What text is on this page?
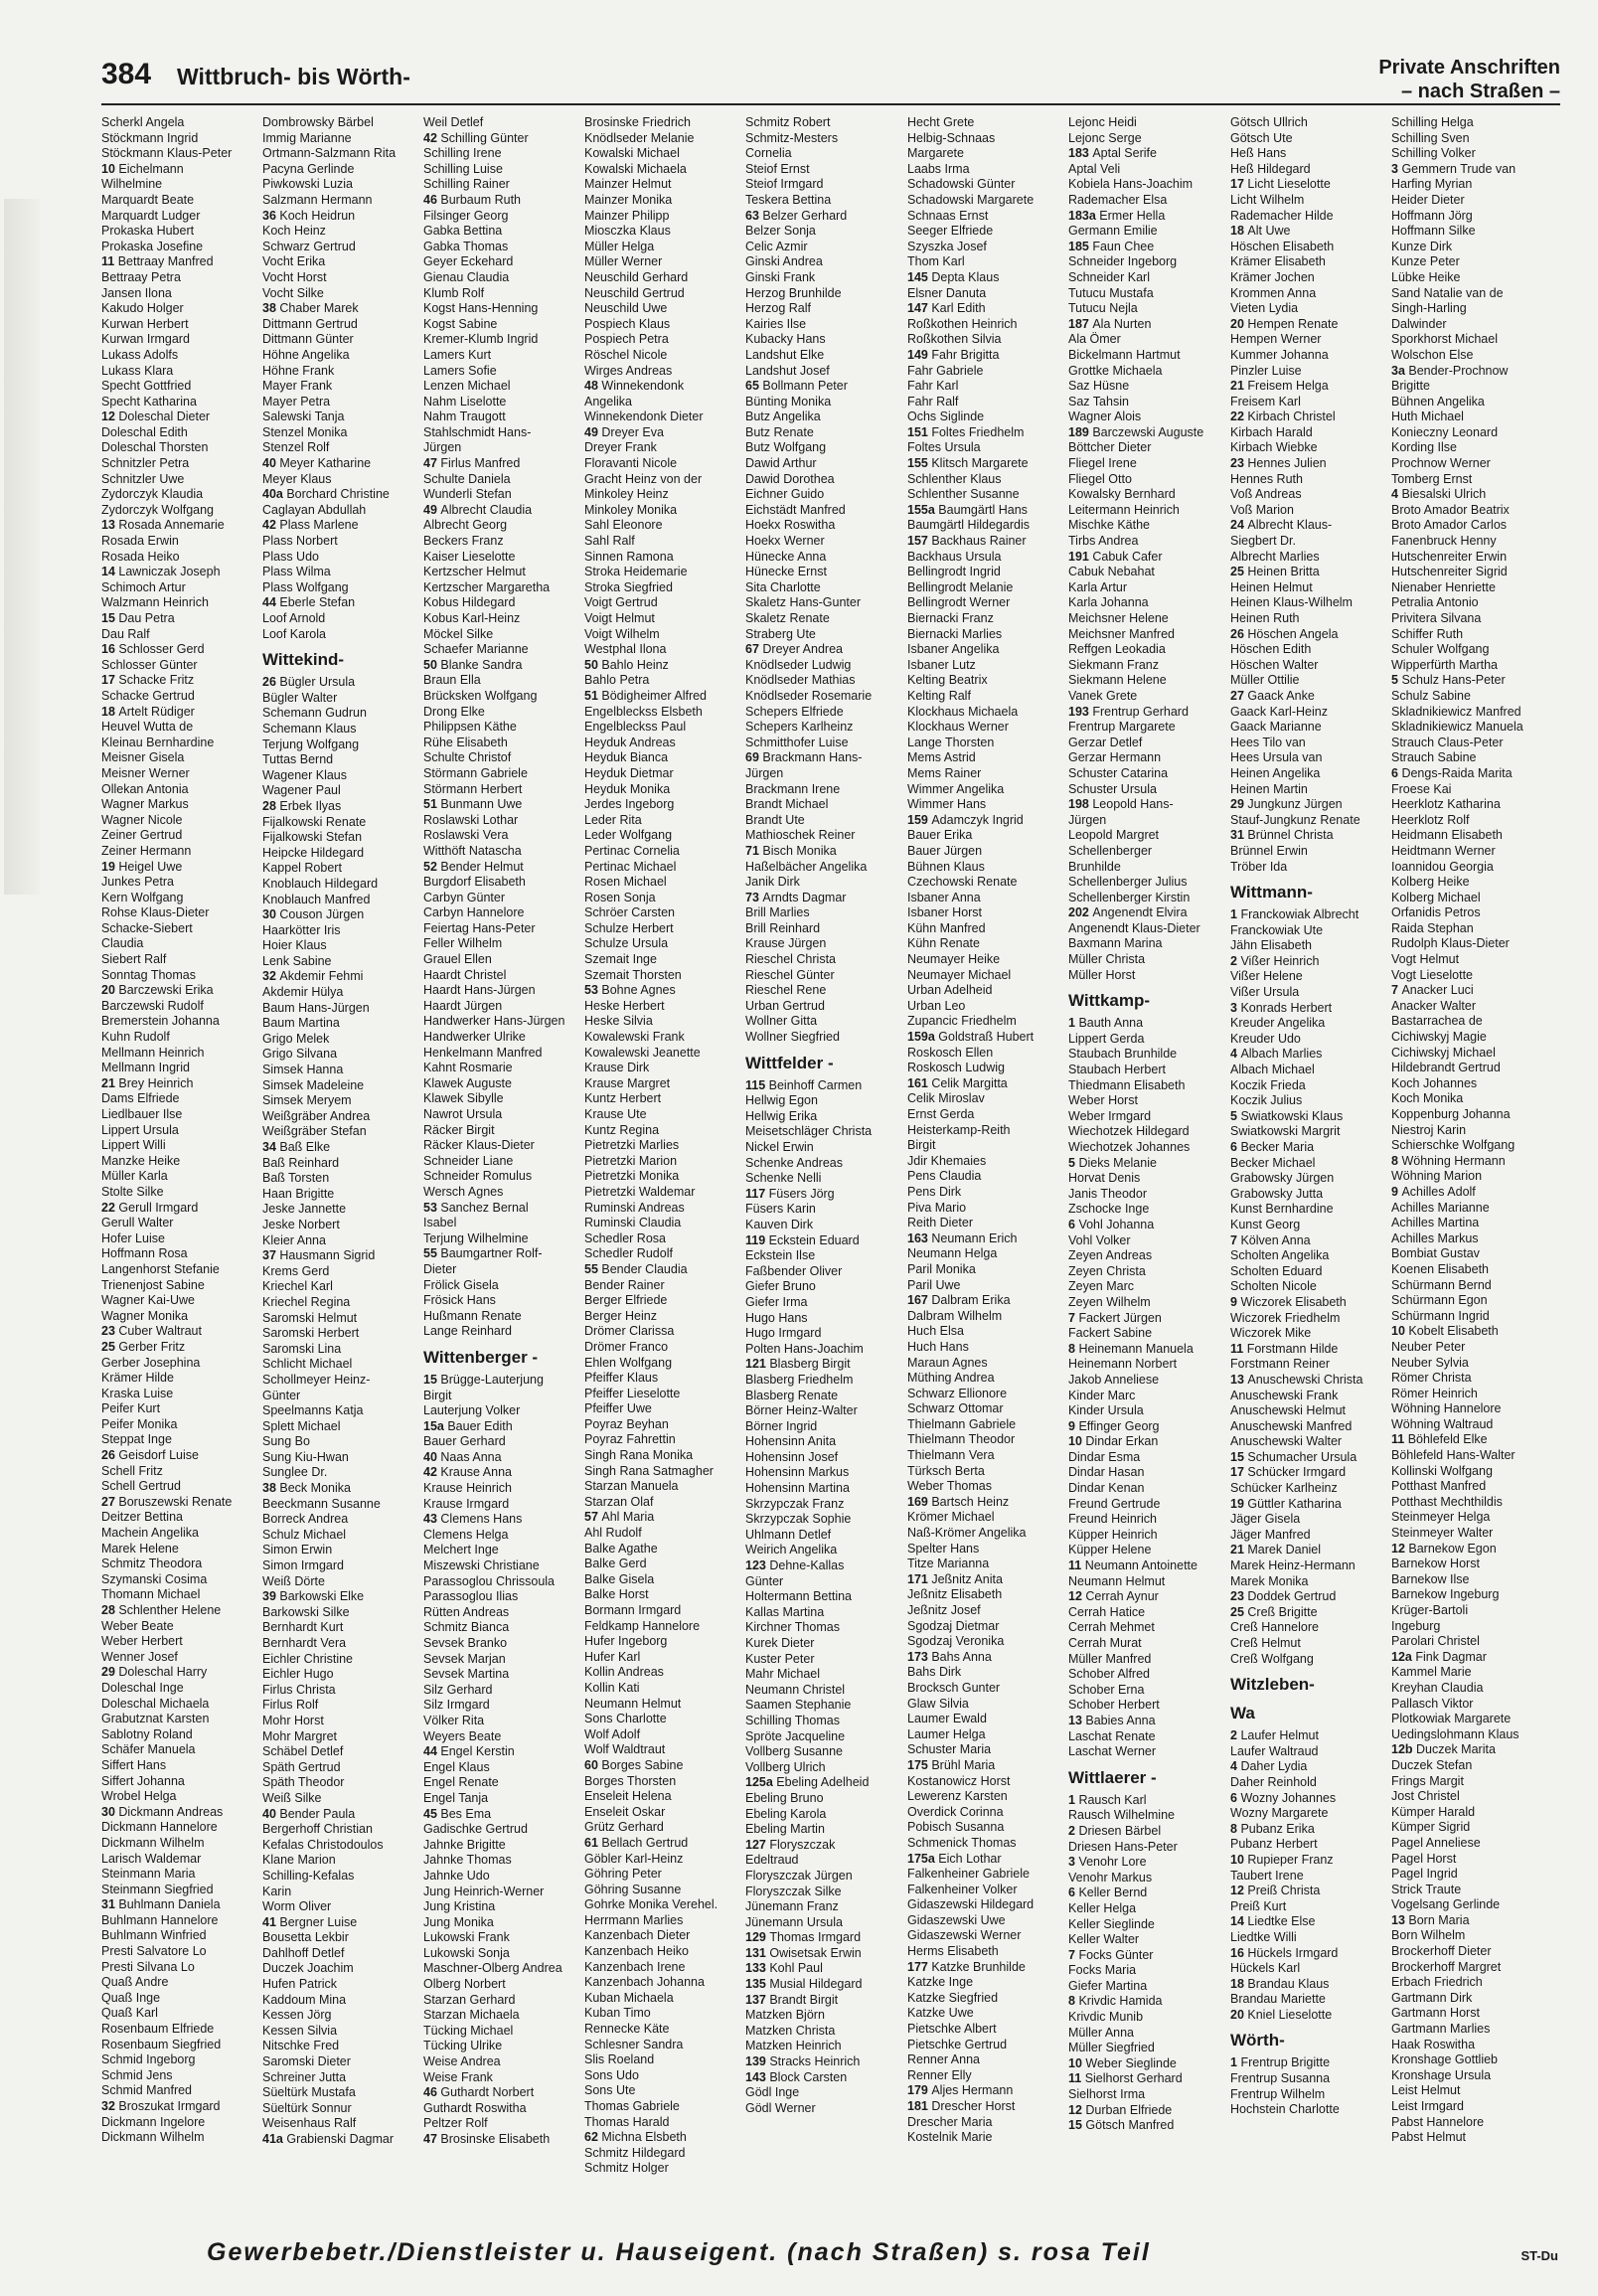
384 Wittbruch- bis Wörth-	Private Anschriften
– nach Straßen –
Scherkl Angela
Stöckmann Ingrid
Stöckmann Klaus-Peter
10 Eichelmann
Wilhelmine
Marquardt Beate
Marquardt Ludger
Prokaska Hubert
Prokaska Josefine
11 Bettraay Manfred
Bettraay Petra
Jansen Ilona
Kakudo Holger
Kurwan Herbert
Kurwan Irmgard
Lukass Adolfs
Lukass Klara
Specht Gottfried
Specht Katharina
12 Doleschal Dieter
Doleschal Edith
Doleschal Thorsten
Schnitzler Petra
Schnitzler Uwe
Zydorczyk Klaudia
Zydorczyk Wolfgang
13 Rosada Annemarie
Rosada Erwin
Rosada Heiko
14 Lawniczak Joseph
Schimoch Artur
Walzmann Heinrich
15 Dau Petra
Dau Ralf
16 Schlosser Gerd
Schlosser Günter
17 Schacke Fritz
Schacke Gertrud
18 Artelt Rüdiger
Heuvel Wutta de
Kleinau Bernhardine
Meisner Gisela
Meisner Werner
Ollekan Antonia
Wagner Markus
Wagner Nicole
Zeiner Gertrud
Zeiner Hermann
19 Heigel Uwe
Junkes Petra
Kern Wolfgang
Rohse Klaus-Dieter
Schacke-Siebert
Claudia
Siebert Ralf
Sonntag Thomas
20 Barczewski Erika
Barczewski Rudolf
Bremerstein Johanna
Kuhn Rudolf
Mellmann Heinrich
Mellmann Ingrid
21 Brey Heinrich
Dams Elfriede
Liedlbauer Ilse
Lippert Ursula
Lippert Willi
Manzke Heike
Müller Karla
Stolte Silke
22 Gerull Irmgard
Gerull Walter
Hofer Luise
Hoffmann Rosa
Langenhorst Stefanie
Trienenjost Sabine
Wagner Kai-Uwe
Wagner Monika
23 Cuber Waltraut
25 Gerber Fritz
Gerber Josephina
Krämer Hilde
Kraska Luise
Peifer Kurt
Peifer Monika
Steppat Inge
26 Geisdorf Luise
Schell Fritz
Schell Gertrud
27 Boruszewski Renate
Deitzer Bettina
Machein Angelika
Marek Helene
Schmitz Theodora
Szymanski Cosima
Thomann Michael
28 Schlenther Helene
Weber Beate
Weber Herbert
Wenner Josef
29 Doleschal Harry
Doleschal Inge
Doleschal Michaela
Grabutznat Karsten
Sablotny Roland
Schäfer Manuela
Siffert Hans
Siffert Johanna
Wrobel Helga
30 Dickmann Andreas
Dickmann Hannelore
Dickmann Wilhelm
Larisch Waldemar
Steinmann Maria
Steinmann Siegfried
31 Buhlmann Daniela
Buhlmann Hannelore
Buhlmann Winfried
Presti Salvatore Lo
Presti Silvana Lo
Quaß Andre
Quaß Inge
Quaß Karl
Rosenbaum Elfriede
Rosenbaum Siegfried
Schmid Ingeborg
Schmid Jens
Schmid Manfred
32 Broszukat Irmgard
Dickmann Ingelore
Dickmann Wilhelm
Dombrowsky Bärbel
Immig Marianne
Ortmann-Salzmann Rita
Pacyna Gerlinde
Piwkowski Luzia
Salzmann Hermann
36 Koch Heidrun
Koch Heinz
Schwarz Gertrud
Vocht Erika
Vocht Horst
Vocht Silke
38 Chaber Marek
Dittmann Gertrud
Dittmann Günter
Höhne Angelika
Höhne Frank
Mayer Frank
Mayer Petra
Salewski Tanja
Stenzel Monika
Stenzel Rolf
40 Meyer Katharine
Meyer Klaus
40a Borchard Christine
Caglayan Abdullah
42 Plass Marlene
Plass Norbert
Plass Udo
Plass Wilma
Plass Wolfgang
44 Eberle Stefan
Loof Arnold
Loof Karola
Wittekind-
26 Bügler Ursula
Bügler Walter
Schemann Gudrun
Schemann Klaus
Terjung Wolfgang
Tuttas Bernd
Wagener Klaus
Wagener Paul
28 Erbek Ilyas
Fijalkowski Renate
Fijalkowski Stefan
Heipcke Hildegard
Kappel Robert
Knoblauch Hildegard
Knoblauch Manfred
30 Couson Jürgen
Haarkötter Iris
Hoier Klaus
Lenk Sabine
32 Akdemir Fehmi
Akdemir Hülya
Baum Hans-Jürgen
Baum Martina
Grigo Melek
Grigo Silvana
Simsek Hanna
Simsek Madeleine
Simsek Meryem
Weißgräber Andrea
Weißgräber Stefan
34 Baß Elke
Baß Reinhard
Baß Torsten
Haan Brigitte
Jeske Jannette
Jeske Norbert
Kleier Anna
37 Hausmann Sigrid
Krems Gerd
Kriechel Karl
Kriechel Regina
Saromski Helmut
Saromski Herbert
Saromski Lina
Schlicht Michael
Schollmeyer Heinz-
Günter
Speelmanns Katja
Splett Michael
Sung Bo
Sung Kiu-Hwan
Sunglee Dr.
38 Beck Monika
Beeckmann Susanne
Borreck Andrea
Schulz Michael
Simon Erwin
Simon Irmgard
Weiß Dörte
39 Barkowski Elke
Barkowski Silke
Bernhardt Kurt
Bernhardt Vera
Eichler Christine
Eichler Hugo
Firlus Christa
Firlus Rolf
Mohr Horst
Mohr Margret
Schäbel Detlef
Späth Gertrud
Späth Theodor
Weiß Silke
40 Bender Paula
Bergerhoff Christian
Kefalas Christodoulos
Klane Marion
Schilling-Kefalas
Karin
Worm Oliver
41 Bergner Luise
Bousetta Lekbir
Dahlhoff Detlef
Duczek Joachim
Hufen Patrick
Kaddoum Mina
Kessen Jörg
Kessen Silvia
Nitschke Fred
Saromski Dieter
Schreiner Jutta
Süeltürk Mustafa
Süeltürk Sonnur
Weisenhaus Ralf
41a Grabienski Dagmar
Weil Detlef
42 Schilling Günter
Schilling Irene
Schilling Luise
Schilling Rainer
46 Burbaum Ruth
Filsinger Georg
Gabka Bettina
Gabka Thomas
Geyer Eckehard
Gienau Claudia
Klumb Rolf
Kogst Hans-Henning
Kogst Sabine
Kremer-Klumb Ingrid
Lamers Kurt
Lamers Sofie
Lenzen Michael
Nahm Liselotte
Nahm Traugott
Stahlschmidt Hans-
Jürgen
47 Firlus Manfred
Schulte Daniela
Wunderli Stefan
49 Albrecht Claudia
Albrecht Georg
Beckers Franz
Kaiser Lieselotte
Kertzscher Helmut
Kertzscher Margaretha
Kobus Hildegard
Kobus Karl-Heinz
Möckel Silke
Schaefer Marianne
50 Blanke Sandra
Braun Ella
Brücksken Wolfgang
Drong Elke
Philippsen Käthe
Rühe Elisabeth
Schulte Christof
Störmann Gabriele
Störmann Herbert
51 Bunmann Uwe
Roslawski Lothar
Roslawski Vera
Witthöft Natascha
52 Bender Helmut
Burgdorf Elisabeth
Carbyn Günter
Carbyn Hannelore
Feiertag Hans-Peter
Feller Wilhelm
Grauel Ellen
Haardt Christel
Haardt Hans-Jürgen
Haardt Jürgen
Handwerker Hans-Jürgen
Handwerker Ulrike
Henkelmann Manfred
Kahnt Rosmarie
Klawek Auguste
Klawek Sibylle
Nawrot Ursula
Räcker Birgit
Räcker Klaus-Dieter
Schneider Liane
Schneider Romulus
Wersch Agnes
53 Sanchez Bernal
Isabel
Terjung Wilhelmine
55 Baumgartner Rolf-
Dieter
Frölick Gisela
Frösick Hans
Hußmann Renate
Lange Reinhard
Wittenberger -
15 Brügge-Lauterjung
Birgit
Lauterjung Volker
15a Bauer Edith
Bauer Gerhard
40 Naas Anna
42 Krause Anna
Krause Heinrich
Krause Irmgard
43 Clemens Hans
Clemens Helga
Melchert Inge
Miszewski Christiane
Parassoglou Chrissoula
Parassoglou Ilias
Rütten Andreas
Schmitz Bianca
Sevsek Branko
Sevsek Marjan
Sevsek Martina
Silz Gerhard
Silz Irmgard
Völker Rita
Weyers Beate
44 Engel Kerstin
Engel Klaus
Engel Renate
Engel Tanja
45 Bes Ema
Gadischke Gertrud
Jahnke Brigitte
Jahnke Thomas
Jahnke Udo
Jung Heinrich-Werner
Jung Kristina
Jung Monika
Lukowski Frank
Lukowski Sonja
Maschner-Olberg Andrea
Olberg Norbert
Starzan Gerhard
Starzan Michaela
Tücking Michael
Tücking Ulrike
Weise Andrea
Weise Frank
46 Guthardt Norbert
Guthardt Roswitha
Peltzer Rolf
47 Brosinske Elisabeth
Brosinske Friedrich
Knödlseder Melanie
Kowalski Michael
Kowalski Michaela
Mainzer Helmut
Mainzer Monika
Mainzer Philipp
Miosczka Klaus
Müller Helga
Müller Werner
Neuschild Gerhard
Neuschild Gertrud
Neuschild Uwe
Pospiech Klaus
Pospiech Petra
Röschel Nicole
Wirges Andreas
48 Winnekendonk
Angelika
Winnekendonk Dieter
49 Dreyer Eva
Dreyer Frank
Floravanti Nicole
Gracht Heinz von der
Minkoley Heinz
Minkoley Monika
Sahl Eleonore
Sahl Ralf
Sinnen Ramona
Stroka Heidemarie
Stroka Siegfried
Voigt Gertrud
Voigt Helmut
Voigt Wilhelm
Westphal Ilona
50 Bahlo Heinz
Bahlo Petra
51 Bödigheimer Alfred
Engelbleckss Elsbeth
Engelbleckss Paul
Heyduk Andreas
Heyduk Bianca
Heyduk Dietmar
Heyduk Monika
Jerdes Ingeborg
Leder Rita
Leder Wolfgang
Pertinac Cornelia
Pertinac Michael
Rosen Michael
Rosen Sonja
Schröer Carsten
Schulze Herbert
Schulze Ursula
Szemait Inge
Szemait Thorsten
53 Bohne Agnes
Heske Herbert
Heske Silvia
Kowalewski Frank
Kowalewski Jeanette
Krause Dirk
Krause Margret
Kuntz Herbert
Krause Ute
Kuntz Regina
Pietretzki Marlies
Pietretzki Marion
Pietretzki Monika
Pietretzki Waldemar
Ruminski Andreas
Ruminski Claudia
Schedler Rosa
Schedler Rudolf
55 Bender Claudia
Bender Rainer
Berger Elfriede
Berger Heinz
Drömer Clarissa
Drömer Franco
Ehlen Wolfgang
Pfeiffer Klaus
Pfeiffer Lieselotte
Pfeiffer Uwe
Poyraz Beyhan
Poyraz Fahrettin
Singh Rana Monika
Singh Rana Satmagher
Starzan Manuela
Starzan Olaf
57 Ahl Maria
Ahl Rudolf
Balke Agathe
Balke Gerd
Balke Gisela
Balke Horst
Bormann Irmgard
Feldkamp Hannelore
Hufer Ingeborg
Hufer Karl
Kollin Andreas
Kollin Kati
Neumann Helmut
Sons Charlotte
Wolf Adolf
Wolf Waldtraut
60 Borges Sabine
Borges Thorsten
Enseleit Helena
Enseleit Oskar
Grütz Gerhard
61 Bellach Gertrud
Göbler Karl-Heinz
Göhring Peter
Göhring Susanne
Gohrke Monika Verehel.
Herrmann Marlies
Kanzenbach Dieter
Kanzenbach Heiko
Kanzenbach Irene
Kanzenbach Johanna
Kuban Michaela
Kuban Timo
Rennecke Käte
Schlesner Sandra
Slis Roeland
Sons Udo
Sons Ute
Thomas Gabriele
Thomas Harald
62 Michna Elsbeth
Schmitz Hildegard
Schmitz Holger
Schmitz Robert
Schmitz-Mesters
Cornelia
Steiof Ernst
Steiof Irmgard
Teskera Bettina
63 Belzer Gerhard
Belzer Sonja
Celic Azmir
Ginski Andrea
Ginski Frank
Herzog Brunhilde
Herzog Ralf
Kairies Ilse
Kubacky Hans
Landshut Elke
Landshut Josef
65 Bollmann Peter
Bünting Monika
Butz Angelika
Butz Renate
Butz Wolfgang
Dawid Arthur
Dawid Dorothea
Eichner Guido
Eichstädt Manfred
Hoekx Roswitha
Hoekx Werner
Hünecke Anna
Hünecke Ernst
Sita Charlotte
Skaletz Hans-Gunter
Skaletz Renate
Straberg Ute
67 Dreyer Andrea
Knödlseder Ludwig
Knödlseder Mathias
Knödlseder Rosemarie
Schepers Elfriede
Schepers Karlheinz
Schmitthofer Luise
69 Brackmann Hans-
Jürgen
Brackmann Irene
Brandt Michael
Brandt Ute
Mathioschek Reiner
71 Bisch Monika
Haßelbächer Angelika
Janik Dirk
73 Arndts Dagmar
Brill Marlies
Brill Reinhard
Krause Jürgen
Rieschel Christa
Rieschel Günter
Rieschel Rene
Urban Gertrud
Wollner Gitta
Wollner Siegfried
Wittfelder -
115 Beinhoff Carmen
Hellwig Egon
Hellwig Erika
Meisetschläger Christa
Nickel Erwin
Schenke Andreas
Schenke Nelli
117 Füsers Jörg
Füsers Karin
Kauven Dirk
119 Eckstein Eduard
Eckstein Ilse
Faßbender Oliver
Giefer Bruno
Giefer Irma
Hugo Hans
Hugo Irmgard
Polten Hans-Joachim
121 Blasberg Birgit
Blasberg Friedhelm
Blasberg Renate
Börner Heinz-Walter
Börner Ingrid
Hohensinn Anita
Hohensinn Josef
Hohensinn Markus
Hohensinn Martina
Skrzypczak Franz
Skrzypczak Sophie
Uhlmann Detlef
Weirich Angelika
123 Dehne-Kallas
Günter
Holtermann Bettina
Kallas Martina
Kirchner Thomas
Kurek Dieter
Kuster Peter
Mahr Michael
Neumann Christel
Saamen Stephanie
Schilling Thomas
Spröte Jacqueline
Vollberg Susanne
Vollberg Ulrich
125a Ebeling Adelheid
Ebeling Bruno
Ebeling Karola
Ebeling Martin
127 Floryszczak
Edeltraud
Floryszczak Jürgen
Floryszczak Silke
Jünemann Franz
Jünemann Ursula
129 Thomas Irmgard
131 Owisetsak Erwin
133 Kohl Paul
135 Musial Hildegard
137 Brandt Birgit
Matzken Björn
Matzken Christa
Matzken Heinrich
139 Stracks Heinrich
143 Block Carsten
Gödl Inge
Gödl Werner
Hecht Grete
Helbig-Schnaas
Margarete
Laabs Irma
Schadowski Günter
Schadowski Margarete
Schnaas Ernst
Seeger Elfriede
Szyszka Josef
Thom Karl
145 Depta Klaus
Elsner Danuta
147 Karl Edith
Roßkothen Heinrich
Roßkothen Silvia
149 Fahr Brigitta
Fahr Gabriele
Fahr Karl
Fahr Ralf
Ochs Siglinde
151 Foltes Friedhelm
Foltes Ursula
155 Klitsch Margarete
Schlenther Klaus
Schlenther Susanne
155a Baumgärtl Hans
Baumgärtl Hildegardis
157 Backhaus Rainer
Backhaus Ursula
Bellingrodt Ingrid
Bellingrodt Melanie
Bellingrodt Werner
Biernacki Franz
Biernacki Marlies
Isbaner Angelika
Isbaner Lutz
Kelting Beatrix
Kelting Ralf
Klockhaus Michaela
Klockhaus Werner
Lange Thorsten
Mems Astrid
Mems Rainer
Wimmer Angelika
Wimmer Hans
159 Adamczyk Ingrid
Bauer Erika
Bauer Jürgen
Bühnen Klaus
Czechowski Renate
Isbaner Anna
Isbaner Horst
Kühn Manfred
Kühn Renate
Neumayer Heike
Neumayer Michael
Urban Adelheid
Urban Leo
Zupancic Friedhelm
159a Goldstraß Hubert
Roskosch Ellen
Roskosch Ludwig
161 Celik Margitta
Celik Miroslav
Ernst Gerda
Heisterkamp-Reith
Birgit
Jdir Khemaies
Pens Claudia
Pens Dirk
Piva Mario
Reith Dieter
163 Neumann Erich
Neumann Helga
Paril Monika
Paril Uwe
167 Dalbram Erika
Dalbram Wilhelm
Huch Elsa
Huch Hans
Maraun Agnes
Müthing Andrea
Schwarz Ellionore
Schwarz Ottomar
Thielmann Gabriele
Thielmann Theodor
Thielmann Vera
Türksch Berta
Weber Thomas
169 Bartsch Heinz
Krömer Michael
Naß-Krömer Angelika
Spelter Hans
Titze Marianna
171 Jeßnitz Anita
Jeßnitz Elisabeth
Jeßnitz Josef
Sgodzaj Dietmar
Sgodzaj Veronika
173 Bahs Anna
Bahs Dirk
Brocksch Gunter
Glaw Silvia
Laumer Ewald
Laumer Helga
Schuster Maria
175 Brühl Maria
Kostanowicz Horst
Lewerenz Karsten
Overdick Corinna
Pobisch Susanna
Schmenick Thomas
175a Eich Lothar
Falkenheiner Gabriele
Falkenheiner Volker
Gidaszewski Hildegard
Gidaszewski Uwe
Gidaszewski Werner
Herms Elisabeth
177 Katzke Brunhilde
Katzke Inge
Katzke Siegfried
Katzke Uwe
Pietschke Albert
Pietschke Gertrud
Renner Anna
Renner Elly
179 Aljes Hermann
181 Drescher Horst
Drescher Maria
Kostelnik Marie
Lejonc Heidi
Lejonc Serge
183 Aptal Serife
Aptal Veli
Kobiela Hans-Joachim
Rademacher Elsa
183a Ermer Hella
Germann Emilie
185 Faun Chee
Schneider Ingeborg
Schneider Karl
Tutucu Mustafa
Tutucu Nejla
187 Ala Nurten
Ala Ömer
Bickelmann Hartmut
Grottke Michaela
Saz Hüsne
Saz Tahsin
Wagner Alois
189 Barczewski Auguste
Böttcher Dieter
Fliegel Irene
Fliegel Otto
Kowalsky Bernhard
Leitermann Heinrich
Mischke Käthe
Tirbs Andrea
191 Cabuk Cafer
Cabuk Nebahat
Karla Artur
Karla Johanna
Meichsner Helene
Meichsner Manfred
Reffgen Leokadia
Siekmann Franz
Siekmann Helene
Vanek Grete
193 Frentrup Gerhard
Frentrup Margarete
Gerzar Detlef
Gerzar Hermann
Schuster Catarina
Schuster Ursula
198 Leopold Hans-
Jürgen
Leopold Margret
Schellenberger
Brunhilde
Schellenberger Julius
Schellenberger Kirstin
202 Angenendt Elvira
Angenendt Klaus-Dieter
Baxmann Marina
Müller Christa
Müller Horst
Wittkamp-
1 Bauth Anna
Lippert Gerda
Staubach Brunhilde
Staubach Herbert
Thiedmann Elisabeth
Weber Horst
Weber Irmgard
Wiechotzek Hildegard
Wiechotzek Johannes
5 Dieks Melanie
Horvat Denis
Janis Theodor
Zschocke Inge
6 Vohl Johanna
Vohl Volker
Zeyen Andreas
Zeyen Christa
Zeyen Marc
Zeyen Wilhelm
7 Fackert Jürgen
Fackert Sabine
8 Heinemann Manuela
Heinemann Norbert
Jakob Anneliese
Kinder Marc
Kinder Ursula
9 Effinger Georg
10 Dindar Erkan
Dindar Esma
Dindar Hasan
Dindar Kenan
Freund Gertrude
Freund Heinrich
Küpper Heinrich
Küpper Helene
11 Neumann Antoinette
Neumann Helmut
12 Cerrah Aynur
Cerrah Hatice
Cerrah Mehmet
Cerrah Murat
Müller Manfred
Schober Alfred
Schober Erna
Schober Herbert
13 Babies Anna
Laschat Renate
Laschat Werner
Wittlaerer -
1 Rausch Karl
Rausch Wilhelmine
2 Driesen Bärbel
Driesen Hans-Peter
3 Venohr Lore
Venohr Markus
6 Keller Bernd
Keller Helga
Keller Sieglinde
Keller Walter
7 Focks Günter
Focks Maria
Giefer Martina
8 Krivdic Hamida
Krivdic Munib
Müller Anna
Müller Siegfried
10 Weber Sieglinde
11 Sielhorst Gerhard
Sielhorst Irma
12 Durban Elfriede
15 Götsch Manfred
Götsch Ullrich
Götsch Ute
Heß Hans
Heß Hildegard
17 Licht Lieselotte
Licht Wilhelm
Rademacher Hilde
18 Alt Uwe
Höschen Elisabeth
Krämer Elisabeth
Krämer Jochen
Krommen Anna
Vieten Lydia
20 Hempen Renate
Hempen Werner
Kummer Johanna
Pinzler Luise
21 Freisem Helga
Freisem Karl
22 Kirbach Christel
Kirbach Harald
Kirbach Wiebke
23 Hennes Julien
Hennes Ruth
Voß Andreas
Voß Marion
24 Albrecht Klaus-
Siegbert Dr.
Albrecht Marlies
25 Heinen Britta
Heinen Helmut
Heinen Klaus-Wilhelm
Heinen Ruth
26 Höschen Angela
Höschen Edith
Höschen Walter
Müller Ottilie
27 Gaack Anke
Gaack Karl-Heinz
Gaack Marianne
Hees Tilo van
Hees Ursula van
Heinen Angelika
Heinen Martin
29 Jungkunz Jürgen
Stauf-Jungkunz Renate
31 Brünnel Christa
Brünnel Erwin
Tröber Ida
Wittmann-
1 Franckowiak Albrecht
Franckowiak Ute
Jähn Elisabeth
2 Vißer Heinrich
Vißer Helene
Vißer Ursula
3 Konrads Herbert
Kreuder Angelika
Kreuder Udo
4 Albach Marlies
Albach Michael
Koczik Frieda
Koczik Julius
5 Swiatkowski Klaus
Swiatkowski Margrit
6 Becker Maria
Becker Michael
Grabowsky Jürgen
Grabowsky Jutta
Kunst Bernhardine
Kunst Georg
7 Kölven Anna
Scholten Angelika
Scholten Eduard
Scholten Nicole
9 Wiczorek Elisabeth
Wiczorek Friedhelm
Wiczorek Mike
11 Forstmann Hilde
Forstmann Reiner
13 Anuschewski Christa
Anuschewski Frank
Anuschewski Helmut
Anuschewski Manfred
Anuschewski Walter
15 Schumacher Ursula
17 Schücker Irmgard
Schücker Karlheinz
19 Güttler Katharina
Jäger Gisela
Jäger Manfred
21 Marek Daniel
Marek Heinz-Hermann
Marek Monika
23 Doddek Gertrud
25 Creß Brigitte
Creß Hannelore
Creß Helmut
Creß Wolfgang
Witzleben-
Wa
2 Laufer Helmut
Laufer Waltraud
4 Daher Lydia
Daher Reinhold
6 Wozny Johannes
Wozny Margarete
8 Pubanz Erika
Pubanz Herbert
10 Rupieper Franz
Taubert Irene
12 Preiß Christa
Preiß Kurt
14 Liedtke Else
Liedtke Willi
16 Hückels Irmgard
Hückels Karl
18 Brandau Klaus
Brandau Mariette
20 Kniel Lieselotte
Wörth-
1 Frentrup Brigitte
Frentrup Susanna
Frentrup Wilhelm
Hochstein Charlotte
Schilling Helga
Schilling Sven
Schilling Volker
3 Gemmern Trude van
Harfing Myrian
Heider Dieter
Hoffmann Jörg
Hoffmann Silke
Kunze Dirk
Kunze Peter
Lübke Heike
Sand Natalie van de
Singh-Harling
Dalwinder
Sporkhorst Michael
Wolschon Else
3a Bender-Prochnow
Brigitte
Bühnen Angelika
Huth Michael
Konieczny Leonard
Kording Ilse
Prochnow Werner
Tomberg Ernst
4 Biesalski Ulrich
Broto Amador Beatrix
Broto Amador Carlos
Fanenbruck Henny
Hutschenreiter Erwin
Hutschenreiter Sigrid
Nienaber Henriette
Petralia Antonio
Privitera Silvana
Schiffer Ruth
Schuler Wolfgang
Wipperfürth Martha
5 Schulz Hans-Peter
Schulz Sabine
Skladnikiewicz Manfred
Skladnikiewicz Manuela
Strauch Claus-Peter
Strauch Sabine
6 Dengs-Raida Marita
Froese Kai
Heerklotz Katharina
Heerklotz Rolf
Heidmann Elisabeth
Heidtmann Werner
Ioannidou Georgia
Kolberg Heike
Kolberg Michael
Orfanidis Petros
Raida Stephan
Rudolph Klaus-Dieter
Vogt Helmut
Vogt Lieselotte
7 Anacker Luci
Anacker Walter
Bastarrachea de
Cichiwskyj Magie
Cichiwskyj Michael
Hildebrandt Gertrud
Koch Johannes
Koch Monika
Koppenburg Johanna
Niestroj Karin
Schierschke Wolfgang
8 Wöhning Hermann
Wöhning Marion
9 Achilles Adolf
Achilles Marianne
Achilles Martina
Achilles Markus
Bombiat Gustav
Koenen Elisabeth
Schürmann Bernd
Schürmann Egon
Schürmann Ingrid
10 Kobelt Elisabeth
Neuber Peter
Neuber Sylvia
Römer Christa
Römer Heinrich
Wöhning Hannelore
Wöhning Waltraud
11 Böhlefeld Elke
Böhlefeld Hans-Walter
Kollinski Wolfgang
Potthast Manfred
Potthast Mechthildis
Steinmeyer Helga
Steinmeyer Walter
12 Barnekow Egon
Barnekow Horst
Barnekow Ilse
Barnekow Ingeburg
Krüger-Bartoli
Ingeburg
Parolari Christel
12a Fink Dagmar
Kammel Marie
Kreyhan Claudia
Pallasch Viktor
Plotkowiak Margarete
Uedingslohmann Klaus
12b Duczek Marita
Duczek Stefan
Frings Margit
Jost Christel
Kümper Harald
Kümper Sigrid
Pagel Anneliese
Pagel Horst
Pagel Ingrid
Strick Traute
Vogelsang Gerlinde
13 Born Maria
Born Wilhelm
Brockerhoff Dieter
Brockerhoff Margret
Erbach Friedrich
Gartmann Dirk
Gartmann Horst
Gartmann Marlies
Haak Roswitha
Kronshage Gottlieb
Kronshage Ursula
Leist Helmut
Leist Irmgard
Pabst Hannelore
Pabst Helmut
Gewerbebetr./Dienstleister u. Hauseigent. (nach Straßen) s. rosa Teil	ST-Du
